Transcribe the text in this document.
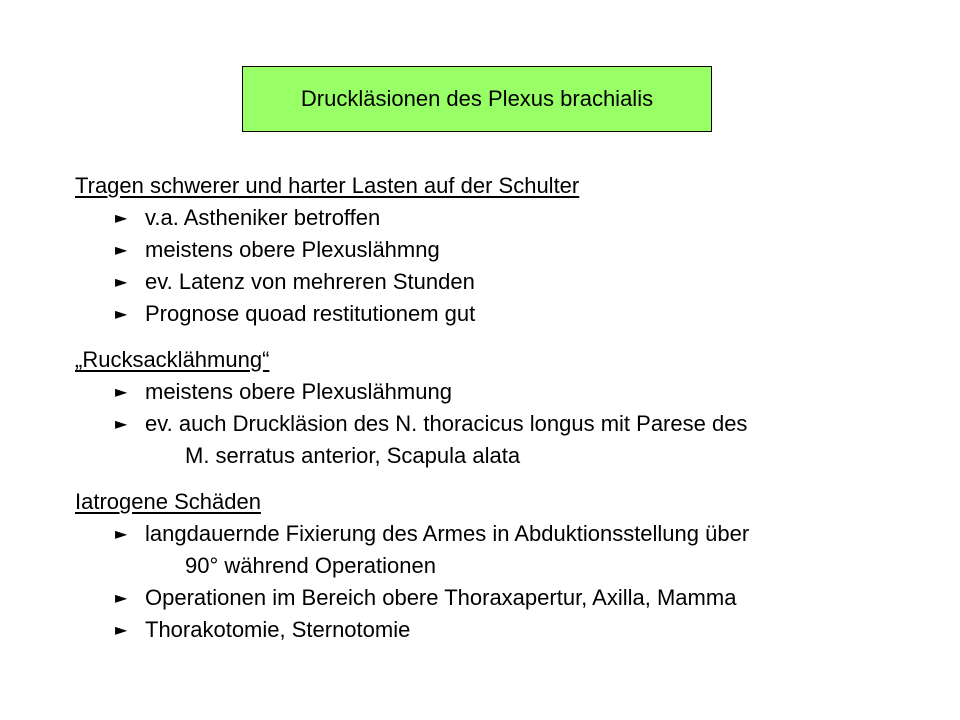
Druckläsionen des Plexus brachialis
Tragen schwerer und harter Lasten auf der Schulter
► v.a. Astheniker betroffen
► meistens obere Plexuslähmng
► ev. Latenz von mehreren Stunden
► Prognose quoad restitutionem gut
„Rucksacklähmung“
► meistens obere Plexuslähmung
► ev. auch Druckläsion des N. thoracicus longus mit Parese des
M. serratus anterior, Scapula alata
Iatrogene Schäden
► langdauernde Fixierung des Armes in Abduktionsstellung über
90° während Operationen
► Operationen im Bereich obere Thoraxapertur, Axilla, Mamma
► Thorakotomie, Sternotomie
